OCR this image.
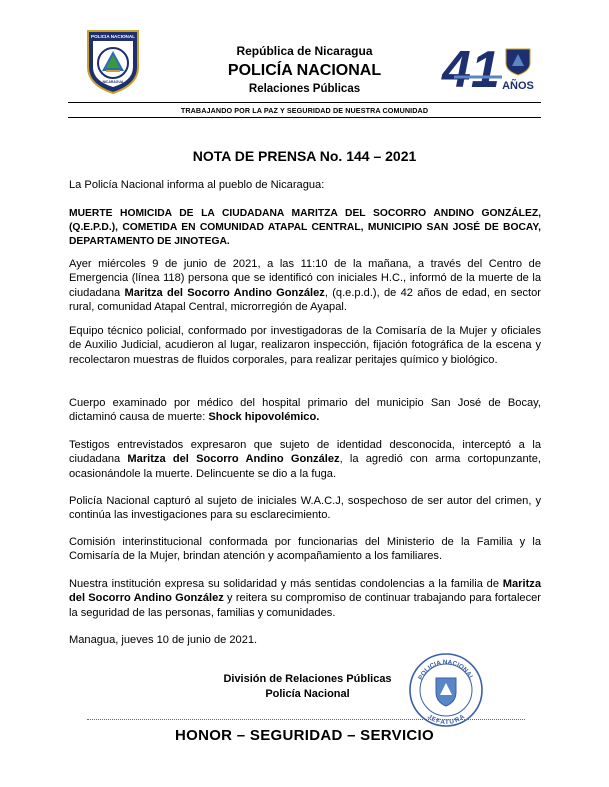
POLICIA NACIONAL
NICARAGUA
República de Nicaragua
POLICÍA NACIONAL
Relaciones Públicas	41 AÑOS
TRABAJANDO POR LA PAZ Y SEGURIDAD DE NUESTRA COMUNIDAD
NOTA DE PRENSA No. 144 – 2021
La Policía Nacional informa al pueblo de Nicaragua:
MUERTE HOMICIDA DE LA CIUDADANA MARITZA DEL SOCORRO ANDINO GONZÁLEZ, (Q.E.P.D.), COMETIDA EN COMUNIDAD ATAPAL CENTRAL, MUNICIPIO SAN JOSÉ DE BOCAY, DEPARTAMENTO DE JINOTEGA.
Ayer miércoles 9 de junio de 2021, a las 11:10 de la mañana, a través del Centro de Emergencia (línea 118) persona que se identificó con iniciales H.C., informó de la muerte de la ciudadana Maritza del Socorro Andino González, (q.e.p.d.), de 42 años de edad, en sector rural, comunidad Atapal Central, microrregión de Ayapal.
Equipo técnico policial, conformado por investigadoras de la Comisaría de la Mujer y oficiales de Auxilio Judicial, acudieron al lugar, realizaron inspección, fijación fotográfica de la escena y recolectaron muestras de fluidos corporales, para realizar peritajes químico y biológico.
Cuerpo examinado por médico del hospital primario del municipio San José de Bocay, dictaminó causa de muerte: Shock hipovolémico.
Testigos entrevistados expresaron que sujeto de identidad desconocida, interceptó a la ciudadana Maritza del Socorro Andino González, la agredió con arma cortopunzante, ocasionándole la muerte. Delincuente se dio a la fuga.
Policía Nacional capturó al sujeto de iniciales W.A.C.J, sospechoso de ser autor del crimen, y continúa las investigaciones para su esclarecimiento.
Comisión interinstitucional conformada por funcionarias del Ministerio de la Familia y la Comisaría de la Mujer, brindan atención y acompañamiento a los familiares.
Nuestra institución expresa su solidaridad y más sentidas condolencias a la familia de Maritza del Socorro Andino González y reitera su compromiso de continuar trabajando para fortalecer la seguridad de las personas, familias y comunidades.
Managua, jueves 10 de junio de 2021.
División de Relaciones Públicas
Policía Nacional
POLICIA NACIONAL
JEFATURA
HONOR – SEGURIDAD – SERVICIO
